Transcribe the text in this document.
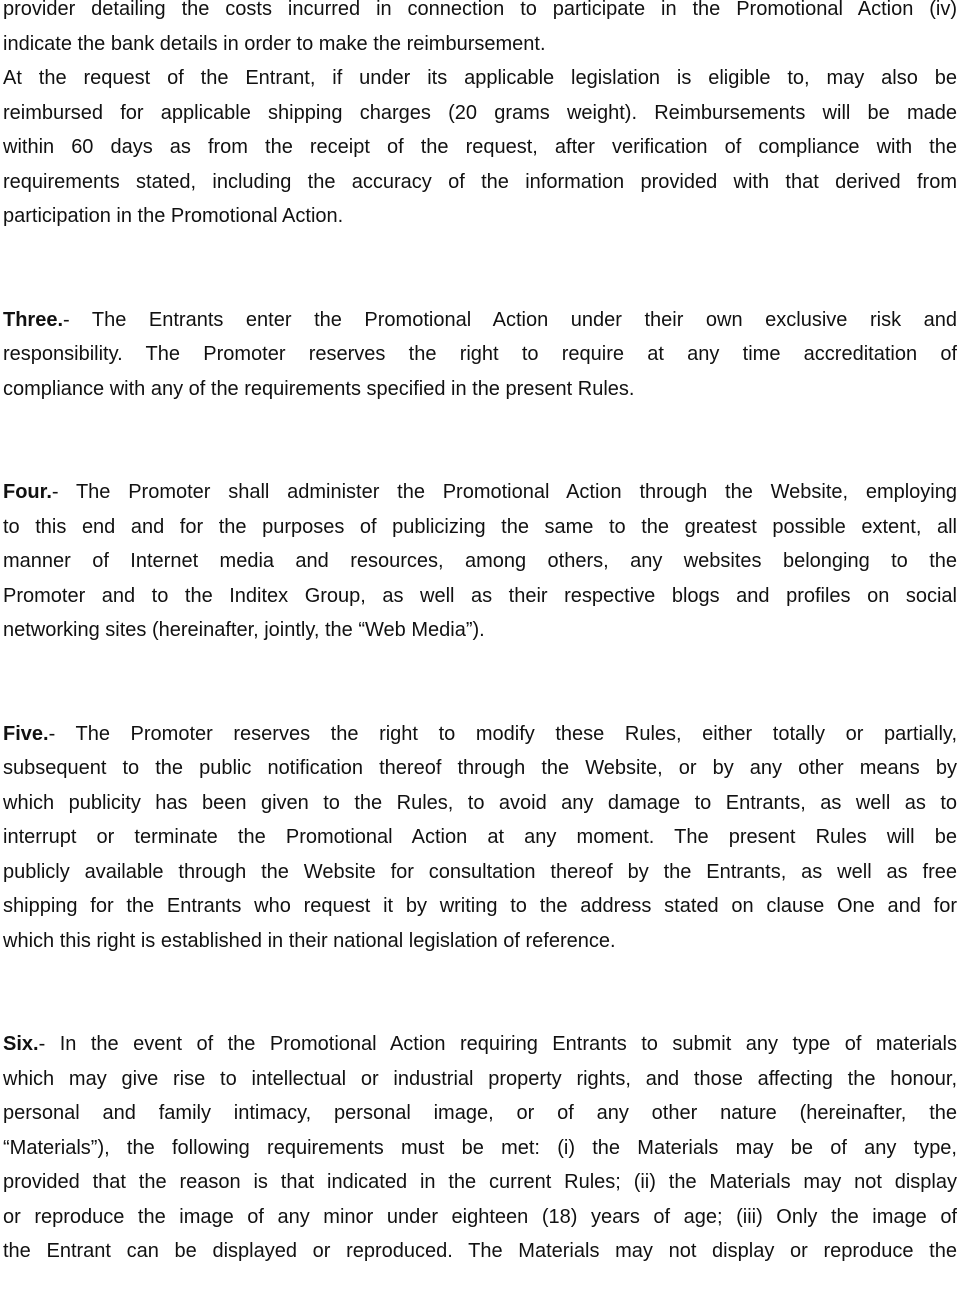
provider detailing the costs incurred in connection to participate in the Promotional Action (iv)
indicate the bank details in order to make the reimbursement.
At the request of the Entrant, if under its applicable legislation is eligible to, may also be
reimbursed for applicable shipping charges (20 grams weight). Reimbursements will be made
within 60 days as from the receipt of the request, after verification of compliance with the
requirements stated, including the accuracy of the information provided with that derived from
participation in the Promotional Action.
Three.- The Entrants enter the Promotional Action under their own exclusive risk and
responsibility. The Promoter reserves the right to require at any time accreditation of
compliance with any of the requirements specified in the present Rules.
Four.- The Promoter shall administer the Promotional Action through the Website, employing
to this end and for the purposes of publicizing the same to the greatest possible extent, all
manner of Internet media and resources, among others, any websites belonging to the
Promoter and to the Inditex Group, as well as their respective blogs and profiles on social
networking sites (hereinafter, jointly, the “Web Media”).
Five.- The Promoter reserves the right to modify these Rules, either totally or partially,
subsequent to the public notification thereof through the Website, or by any other means by
which publicity has been given to the Rules, to avoid any damage to Entrants, as well as to
interrupt or terminate the Promotional Action at any moment. The present Rules will be
publicly available through the Website for consultation thereof by the Entrants, as well as free
shipping for the Entrants who request it by writing to the address stated on clause One and for
which this right is established in their national legislation of reference.
Six.- In the event of the Promotional Action requiring Entrants to submit any type of materials
which may give rise to intellectual or industrial property rights, and those affecting the honour,
personal and family intimacy, personal image, or of any other nature (hereinafter, the
“Materials”), the following requirements must be met: (i) the Materials may be of any type,
provided that the reason is that indicated in the current Rules; (ii) the Materials may not display
or reproduce the image of any minor under eighteen (18) years of age; (iii) Only the image of
the Entrant can be displayed or reproduced. The Materials may not display or reproduce the
